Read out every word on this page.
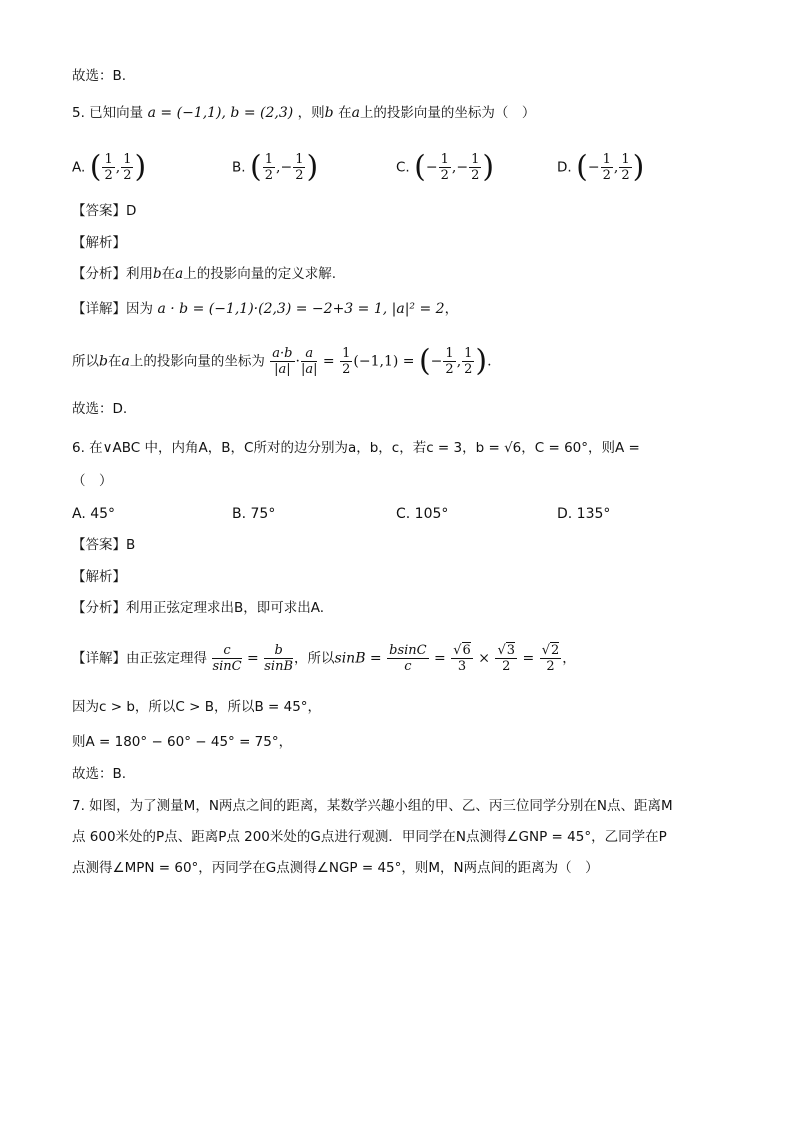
故选：B.
5. 已知向量 a = (−1,1), b = (2,3) ，则b 在a上的投影向量的坐标为（　）
A. ( $\frac{1}{2}$ , $\frac{1}{2}$ )	B. ( $\frac{1}{2}$ ,− $\frac{1}{2}$ )	C. (− $\frac{1}{2}$ ,− $\frac{1}{2}$ )	D. (− $\frac{1}{2}$ , $\frac{1}{2}$ )
【答案】D
【解析】
【分析】利用b在a上的投影向量的定义求解.
【详解】因为 a · b = (−1,1)·(2,3) = −2+3 = 1, |a|² = 2，
所以b在a上的投影向量的坐标为 $\frac{a\cdot b}{|a|} \cdot \frac{a}{|a|} = \frac{1}{2} (-1,1)$ = (− $\frac{1}{2}$ , $\frac{1}{2}$ ).
故选：D.
6. 在∨ABC 中，内角A，B，C所对的边分别为a，b，c，若c = 3，b = √6，C = 60°，则A =
（　）
A. 45°	B. 75°	C. 105°	D. 135°
【答案】B
【解析】
【分析】利用正弦定理求出B，即可求出A.
【详解】由正弦定理得 $\frac{c}{\sin C} = \frac{b}{\sin B}$ ，所以$\sin B = \frac{bsinC}{c} = \frac{√6}{3} \times \frac{√3}{2} = \frac{√2}{2}$ ，
因为c > b，所以C > B，所以B = 45°，
则A = 180° − 60° − 45° = 75°，
故选：B.
7. 如图，为了测量M，N两点之间的距离，某数学兴趣小组的甲、乙、丙三位同学分别在N点、距离M
点 600米处的P点、距离P点 200米处的G点进行观测．甲同学在N点测得∠GNP = 45°，乙同学在P
点测得∠MPN = 60°，丙同学在G点测得∠NGP = 45°，则M，N两点间的距离为（　）
